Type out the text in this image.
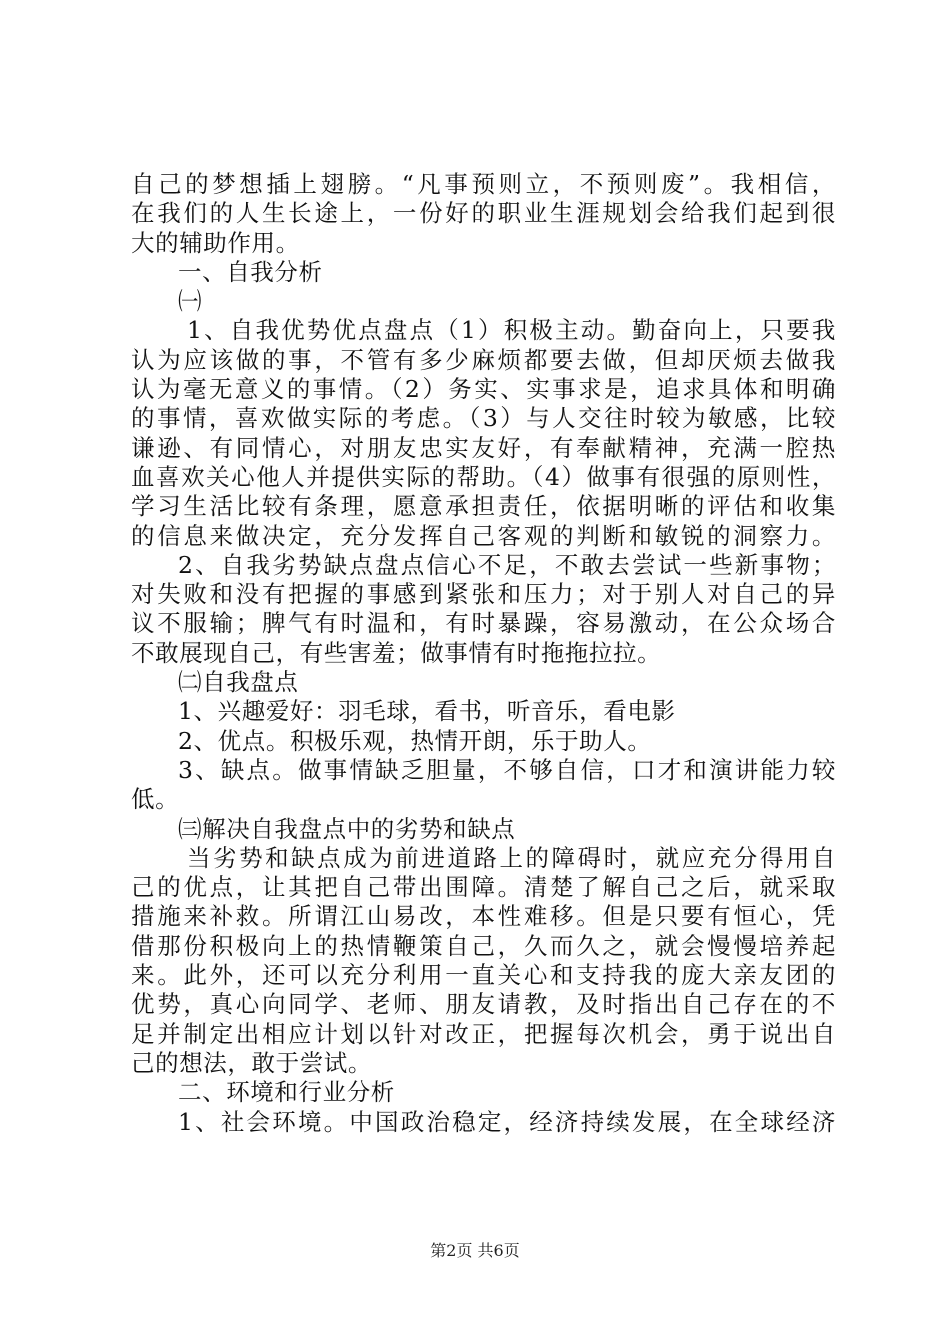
自己的梦想插上翅膀。“凡事预则立，不预则废”。我相信，
在我们的人生长途上，一份好的职业生涯规划会给我们起到很
大的辅助作用。
一、自我分析
㈠
1、自我优势优点盘点（1）积极主动。勤奋向上，只要我
认为应该做的事，不管有多少麻烦都要去做，但却厌烦去做我
认为毫无意义的事情。（2）务实、实事求是，追求具体和明确
的事情，喜欢做实际的考虑。（3）与人交往时较为敏感，比较
谦逊、有同情心，对朋友忠实友好，有奉献精神，充满一腔热
血喜欢关心他人并提供实际的帮助。（4）做事有很强的原则性，
学习生活比较有条理，愿意承担责任，依据明晰的评估和收集
的信息来做决定，充分发挥自己客观的判断和敏锐的洞察力。
2、自我劣势缺点盘点信心不足，不敢去尝试一些新事物；
对失败和没有把握的事感到紧张和压力；对于别人对自己的异
议不服输；脾气有时温和，有时暴躁，容易激动，在公众场合
不敢展现自己，有些害羞；做事情有时拖拖拉拉。
㈡自我盘点
1、兴趣爱好：羽毛球，看书，听音乐，看电影
2、优点。积极乐观，热情开朗，乐于助人。
3、缺点。做事情缺乏胆量，不够自信，口才和演讲能力较
低。
㈢解决自我盘点中的劣势和缺点
当劣势和缺点成为前进道路上的障碍时，就应充分得用自
己的优点，让其把自己带出围障。清楚了解自己之后，就采取
措施来补救。所谓江山易改，本性难移。但是只要有恒心，凭
借那份积极向上的热情鞭策自己，久而久之，就会慢慢培养起
来。此外，还可以充分利用一直关心和支持我的庞大亲友团的
优势，真心向同学、老师、朋友请教，及时指出自己存在的不
足并制定出相应计划以针对改正，把握每次机会，勇于说出自
己的想法，敢于尝试。
二、环境和行业分析
1、社会环境。中国政治稳定，经济持续发展，在全球经济
第2页 共6页
